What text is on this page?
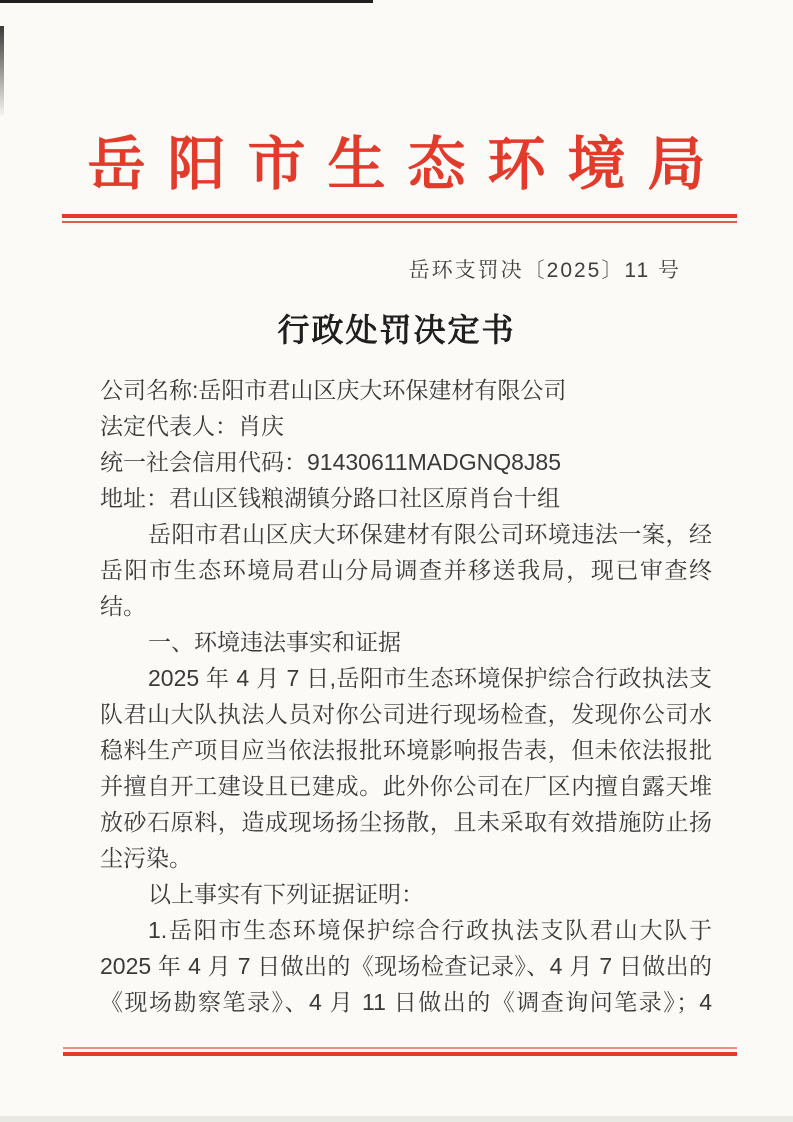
岳阳市生态环境局
岳环支罚决〔2025〕11 号
行政处罚决定书

公司名称:岳阳市君山区庆大环保建材有限公司

法定代表人：肖庆

统一社会信用代码：91430611MADGNQ8J85

地址：君山区钱粮湖镇分路口社区原肖台十组

岳阳市君山区庆大环保建材有限公司环境违法一案，经

岳阳市生态环境局君山分局调查并移送我局，现已审查终

结。

一、环境违法事实和证据

2025 年 4 月 7 日,岳阳市生态环境保护综合行政执法支

队君山大队执法人员对你公司进行现场检查，发现你公司水

稳料生产项目应当依法报批环境影响报告表，但未依法报批

并擅自开工建设且已建成。此外你公司在厂区内擅自露天堆

放砂石原料，造成现场扬尘扬散，且未采取有效措施防止扬

尘污染。

以上事实有下列证据证明：

1.岳阳市生态环境保护综合行政执法支队君山大队于

2025 年 4 月 7 日做出的《现场检查记录》、4 月 7 日做出的

《现场勘察笔录》、4 月 11 日做出的《调查询问笔录》；4
